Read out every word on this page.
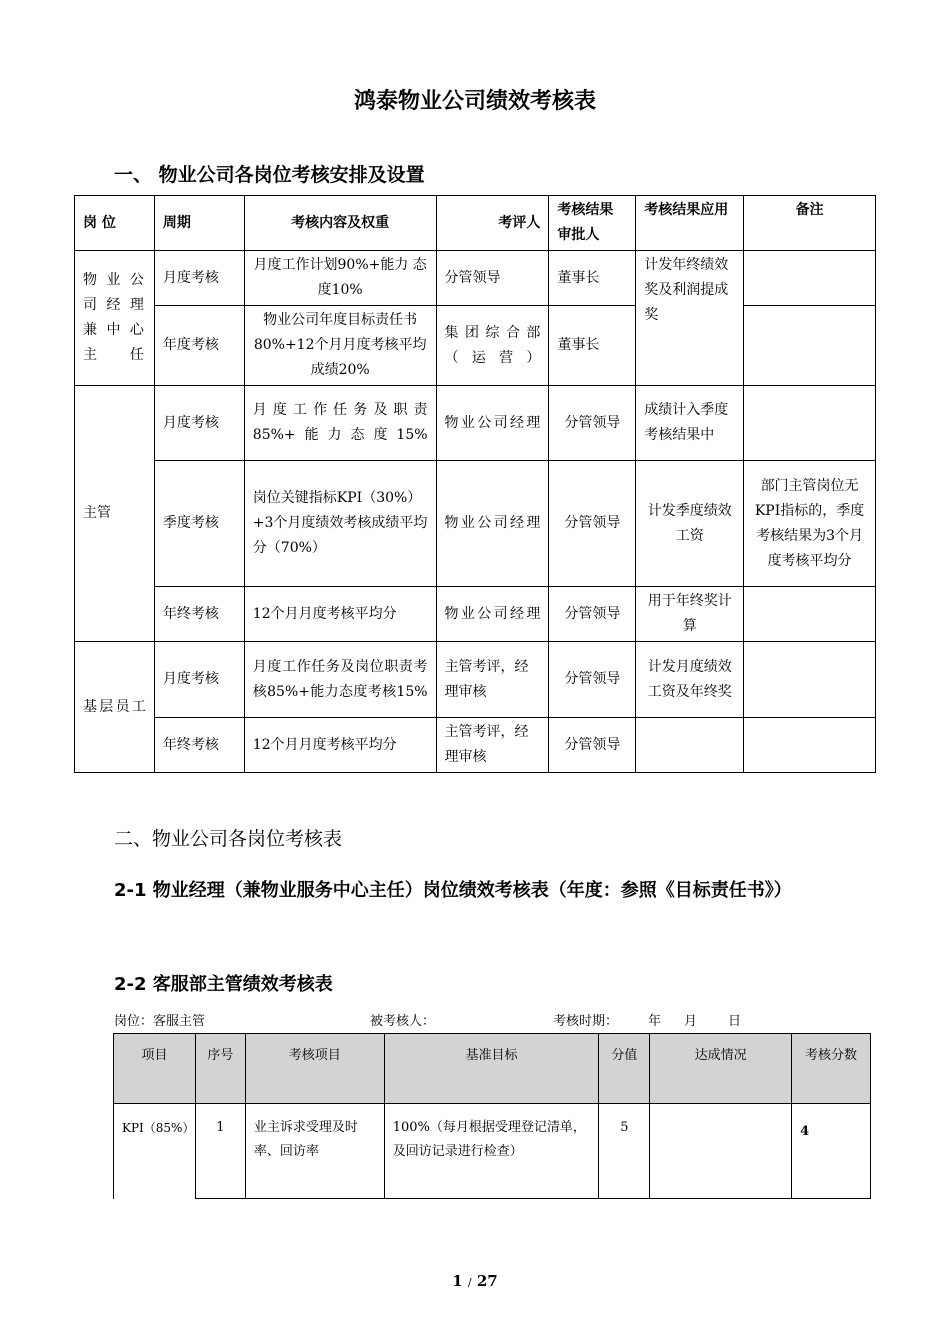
鸿泰物业公司绩效考核表
一、 物业公司各岗位考核安排及设置
岗 位	周期	考核内容及权重	考评人	考核结果审批人	考核结果应用	备注
物业公司经理兼中心主任	月度考核	月度工作计划90%+能力 态度10%	分管领导	董事长	计发年终绩效奖及利润提成奖	
	年度考核	物业公司年度目标责任书80%+12个月月度考核平均成绩20%	集团综合部（运营）	董事长		
主管	月度考核	月度工作任务及职责85%+能力态度15%	物业公司经理	分管领导	成绩计入季度考核结果中	
	季度考核	岗位关键指标KPI（30%）+3个月度绩效考核成绩平均分（70%）	物业公司经理	分管领导	计发季度绩效工资	部门主管岗位无KPI指标的，季度考核结果为3个月度考核平均分
	年终考核	12个月月度考核平均分	物业公司经理	分管领导	用于年终奖计算	
基层员工	月度考核	月度工作任务及岗位职责考核85%+能力态度考核15%	主管考评，经理审核	分管领导	计发月度绩效工资及年终奖	
	年终考核	12个月月度考核平均分	主管考评，经理审核	分管领导		
二、物业公司各岗位考核表
2-1 物业经理（兼物业服务中心主任）岗位绩效考核表（年度：参照《目标责任书》）
2-2 客服部主管绩效考核表
岗位：客服主管	被考核人：	考核时期： 年 月 日
项目	序号	考核项目	基准目标	分值	达成情况	考核分数
KPI（85%）	1	业主诉求受理及时率、回访率	100%（每月根据受理登记清单，及回访记录进行检查）	5		4
1 / 27
